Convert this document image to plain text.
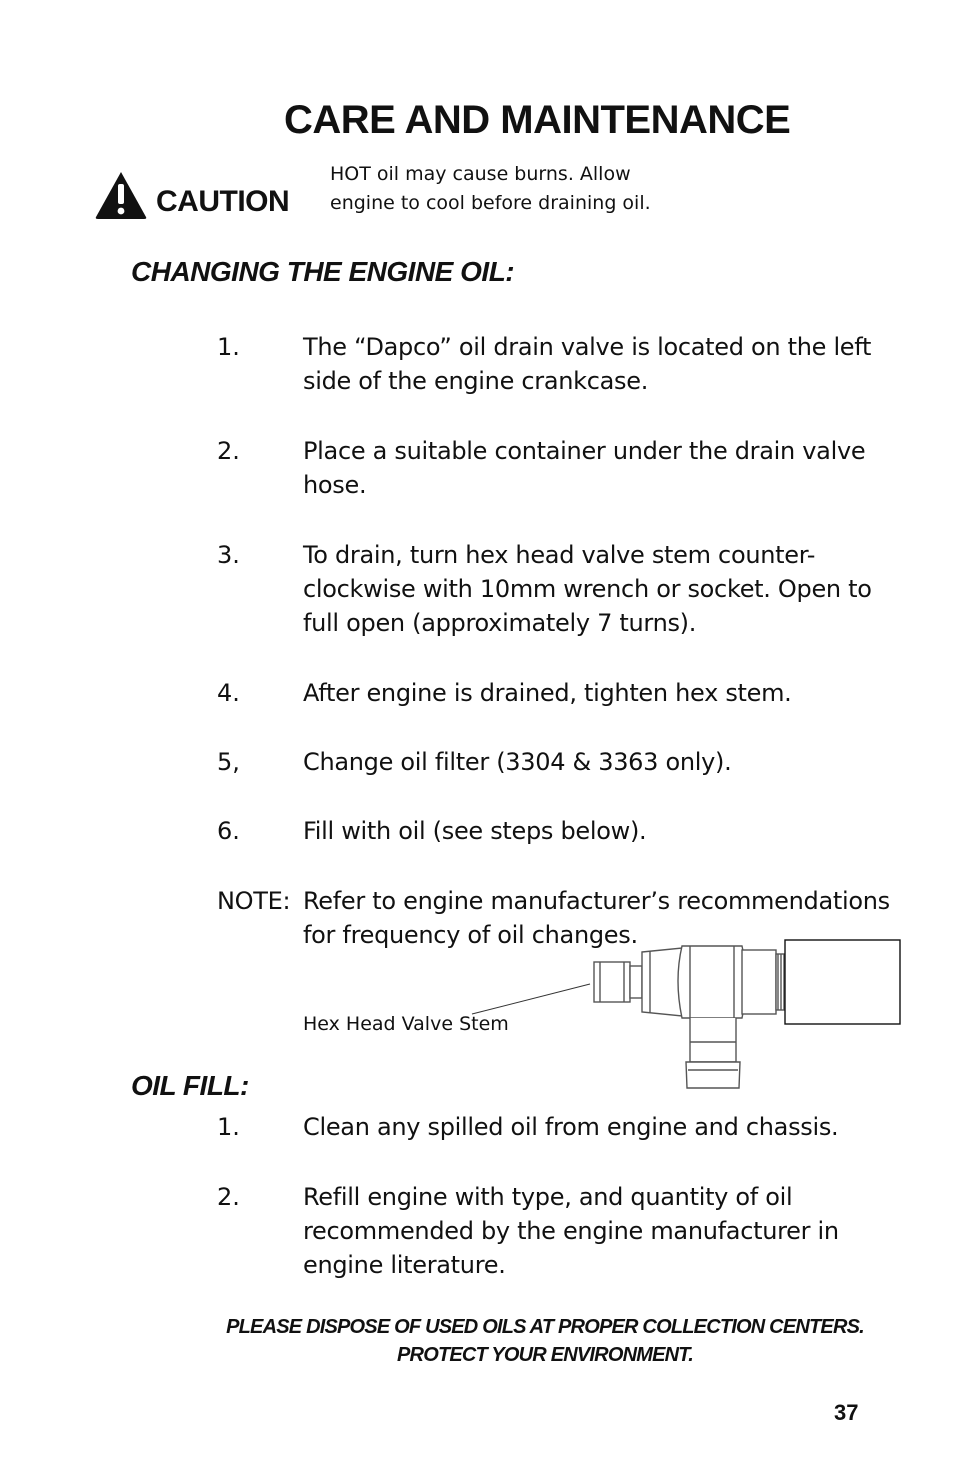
CARE AND MAINTENANCE
CAUTION
HOT oil may cause burns. Allow engine to cool before draining oil.
CHANGING THE ENGINE OIL:
1.	The “Dapco” oil drain valve is located on the left side of the engine crankcase.
2.	Place a suitable container under the drain valve hose.
3.	To drain, turn hex head valve stem counter-clockwise with 10mm wrench or socket. Open to full open (approximately 7 turns).
4.	After engine is drained, tighten hex stem.
5,	Change oil filter (3304 & 3363 only).
6.	Fill with oil (see steps below).
NOTE: Refer to engine manufacturer’s recommendations for frequency of oil changes.
Hex Head Valve Stem
OIL FILL:
1.	Clean any spilled oil from engine and chassis.
2.	Refill engine with type, and quantity of oil recommended by the engine manufacturer in engine literature.
PLEASE DISPOSE OF USED OILS AT PROPER COLLECTION CENTERS.
PROTECT YOUR ENVIRONMENT.
37
